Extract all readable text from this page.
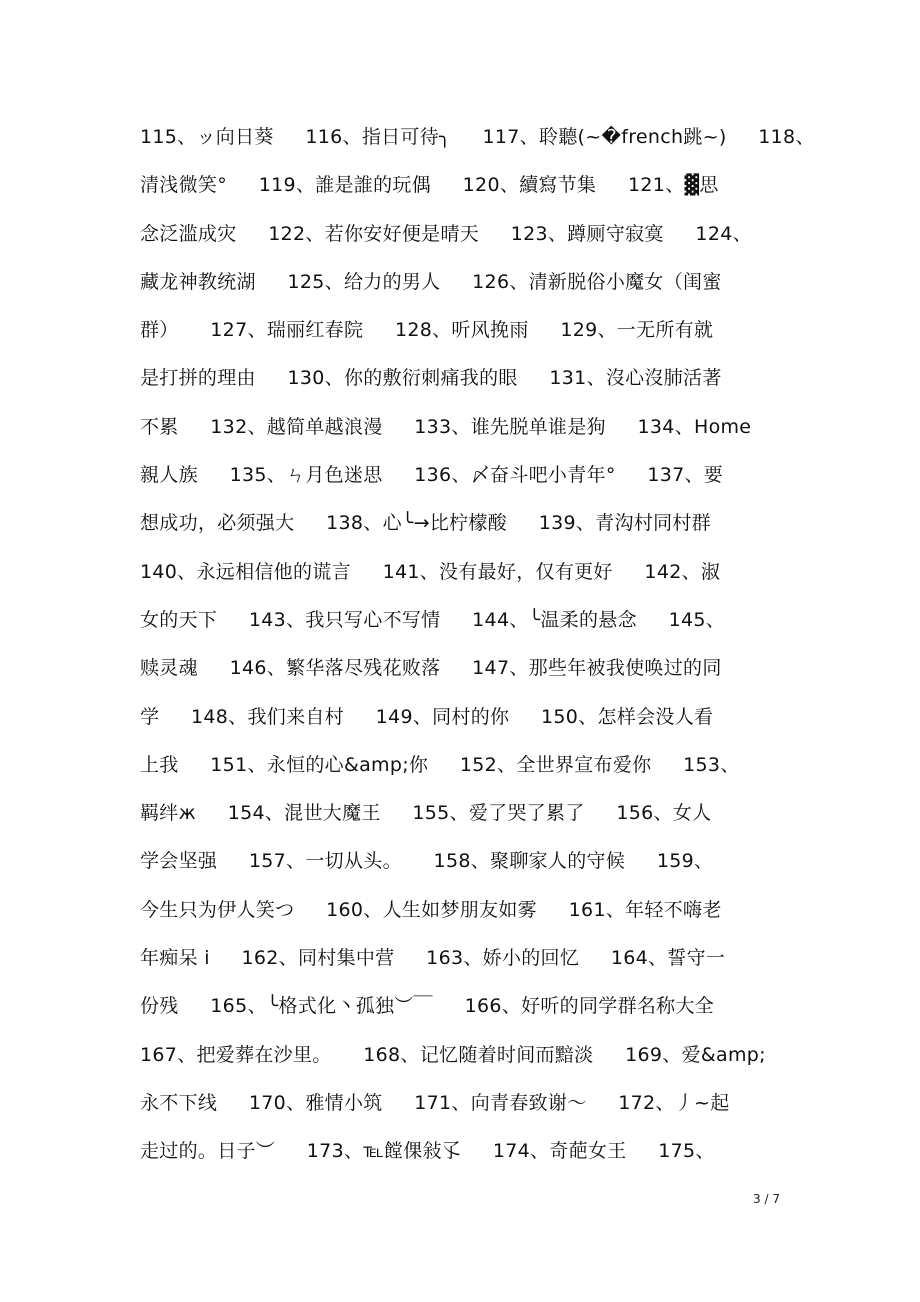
115、ッ向日葵     116、指日可待╮     117、聆聽(~�french跳~)     118、
清浅微笑°     119、誰是誰的玩偶     120、續寫节集     121、▓思
念泛滥成灾     122、若你安好便是晴天     123、蹲厕守寂寞     124、
藏龙神教统湖     125、给力的男人     126、清新脱俗小魔女（闺蜜
群）     127、瑞丽红春院     128、听风挽雨     129、一无所有就
是打拼的理由     130、你的敷衍刺痛我的眼     131、沒心沒肺活著
不累     132、越简单越浪漫     133、谁先脱单谁是狗     134、Home
親人族     135、ㄣ月色迷思     136、〆奋斗吧小青年°     137、要
想成功，必须强大     138、心╰→比柠檬酸     139、青沟村同村群
140、永远相信他的谎言     141、没有最好，仅有更好     142、淑
女的天下     143、我只写心不写情     144、╰温柔的悬念     145、
赎灵魂     146、繁华落尽残花败落     147、那些年被我使唤过的同
学     148、我们来自村     149、同村的你     150、怎样会没人看
上我     151、永恒的心&amp;你     152、全世界宣布爱你     153、
羁绊ж     154、混世大魔王     155、爱了哭了累了     156、女人
学会坚强     157、一切从头。     158、聚聊家人的守候     159、
今生只为伊人笑つ     160、人生如梦朋友如雾     161、年轻不嗨老
年痴呆 i     162、同村集中营     163、娇小的回忆     164、誓守一
份残     165、╰格式化丶孤独︶￣     166、好听的同学群名称大全
167、把爱葬在沙里。     168、记忆随着时间而黯淡     169、爱&amp;
永不下线     170、雅情小筑     171、向青春致谢～     172、丿~起
走过的。日子︶     173、℡饄倮敍孓     174、奇葩女王     175、
3 / 7
